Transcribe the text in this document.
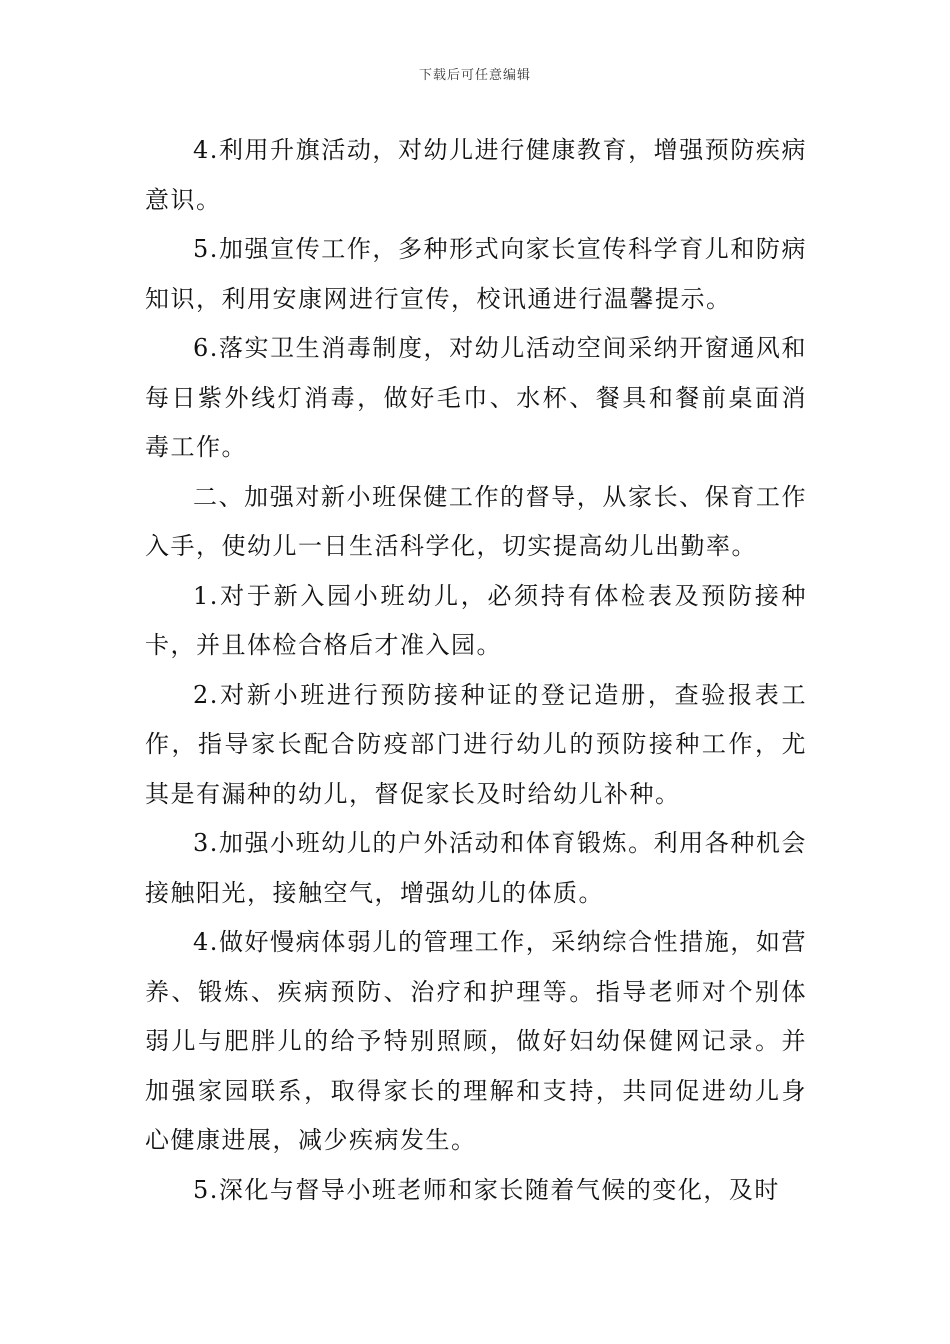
下载后可任意编辑

4.利用升旗活动，对幼儿进行健康教育，增强预防疾病意识。

5.加强宣传工作，多种形式向家长宣传科学育儿和防病知识，利用安康网进行宣传，校讯通进行温馨提示。

6.落实卫生消毒制度，对幼儿活动空间采纳开窗通风和每日紫外线灯消毒，做好毛巾、水杯、餐具和餐前桌面消毒工作。

二、加强对新小班保健工作的督导，从家长、保育工作入手，使幼儿一日生活科学化，切实提高幼儿出勤率。

1.对于新入园小班幼儿，必须持有体检表及预防接种卡，并且体检合格后才准入园。

2.对新小班进行预防接种证的登记造册，查验报表工作，指导家长配合防疫部门进行幼儿的预防接种工作，尤其是有漏种的幼儿，督促家长及时给幼儿补种。

3.加强小班幼儿的户外活动和体育锻炼。利用各种机会接触阳光，接触空气，增强幼儿的体质。

4.做好慢病体弱儿的管理工作，采纳综合性措施，如营养、锻炼、疾病预防、治疗和护理等。指导老师对个别体弱儿与肥胖儿的给予特别照顾，做好妇幼保健网记录。并加强家园联系，取得家长的理解和支持，共同促进幼儿身心健康进展，减少疾病发生。

5.深化与督导小班老师和家长随着气候的变化，及时
